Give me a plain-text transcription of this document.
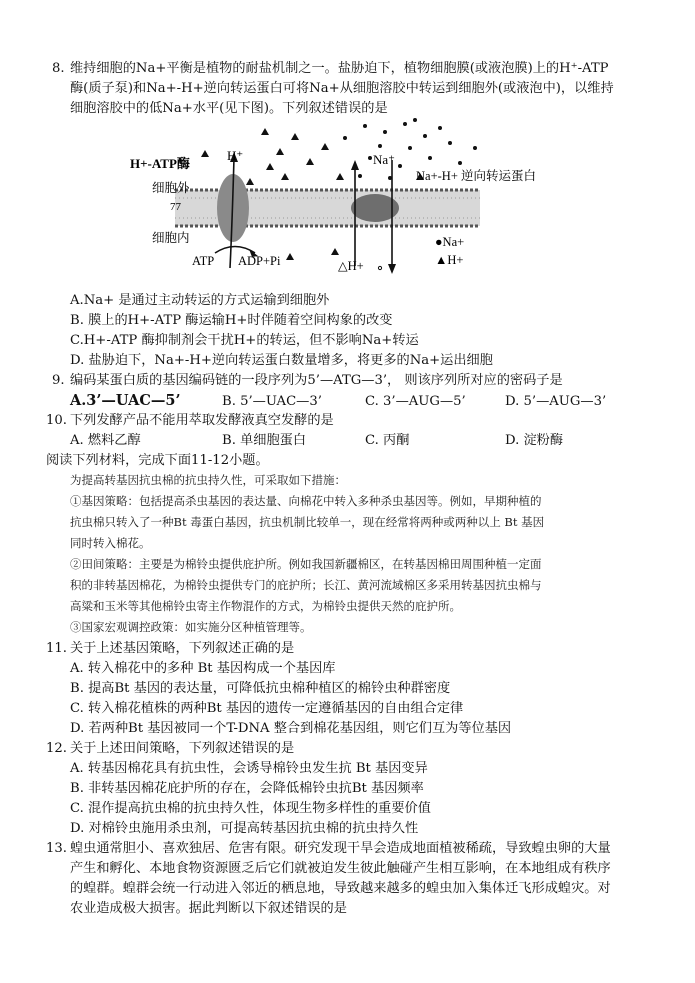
8. 维持细胞的Na+平衡是植物的耐盐机制之一。盐胁迫下，植物细胞膜(或液泡膜)上的H⁺-ATP
酶(质子泵)和Na+-H+逆向转运蛋白可将Na+从细胞溶胶中转运到细胞外(或液泡中)，以维持
细胞溶胶中的低Na+水平(见下图)。下列叙述错误的是
H+-ATP酶
H⁺	Na⁺
Na+-H+ 逆向转运蛋白
细胞外
77
细胞内
ATP ADP+Pi	△H+
●Na+
▲H+
A.Na+ 是通过主动转运的方式运输到细胞外
B. 膜上的H+-ATP 酶运输H+时伴随着空间构象的改变
C.H+-ATP 酶抑制剂会干扰H+的转运，但不影响Na+转运
D. 盐胁迫下，Na+-H+逆向转运蛋白数量增多，将更多的Na+运出细胞
9. 编码某蛋白质的基因编码链的一段序列为5’—ATG—3’， 则该序列所对应的密码子是
A.3’—UAC—5’	B. 5’—UAC—3’	C. 3’—AUG—5’	D. 5’—AUG—3’
10. 下列发酵产品不能用萃取发酵液真空发酵的是
A. 燃料乙醇	B. 单细胞蛋白	C. 丙酮	D. 淀粉酶
阅读下列材料，完成下面11-12小题。
为提高转基因抗虫棉的抗虫持久性，可采取如下措施：
①基因策略：包括提高杀虫基因的表达量、向棉花中转入多种杀虫基因等。例如，早期种植的
抗虫棉只转入了一种Bt 毒蛋白基因，抗虫机制比较单一，现在经常将两种或两种以上 Bt 基因
同时转入棉花。
②田间策略：主要是为棉铃虫提供庇护所。例如我国新疆棉区，在转基因棉田周围种植一定面
积的非转基因棉花，为棉铃虫提供专门的庇护所；长江、黄河流域棉区多采用转基因抗虫棉与
高粱和玉米等其他棉铃虫寄主作物混作的方式，为棉铃虫提供天然的庇护所。
③国家宏观调控政策：如实施分区种植管理等。
11. 关于上述基因策略，下列叙述正确的是
A. 转入棉花中的多种 Bt 基因构成一个基因库
B. 提高Bt 基因的表达量，可降低抗虫棉种植区的棉铃虫种群密度
C. 转入棉花植株的两种Bt 基因的遗传一定遵循基因的自由组合定律
D. 若两种Bt 基因被同一个T-DNA 整合到棉花基因组，则它们互为等位基因
12. 关于上述田间策略，下列叙述错误的是
A. 转基因棉花具有抗虫性，会诱导棉铃虫发生抗 Bt 基因变异
B. 非转基因棉花庇护所的存在，会降低棉铃虫抗Bt 基因频率
C. 混作提高抗虫棉的抗虫持久性，体现生物多样性的重要价值
D. 对棉铃虫施用杀虫剂，可提高转基因抗虫棉的抗虫持久性
13. 蝗虫通常胆小、喜欢独居、危害有限。研究发现干旱会造成地面植被稀疏，导致蝗虫卵的大量
产生和孵化、本地食物资源匮乏后它们就被迫发生彼此触碰产生相互影响，在本地组成有秩序
的蝗群。蝗群会统一行动进入邻近的栖息地，导致越来越多的蝗虫加入集体迁飞形成蝗灾。对
农业造成极大损害。据此判断以下叙述错误的是
